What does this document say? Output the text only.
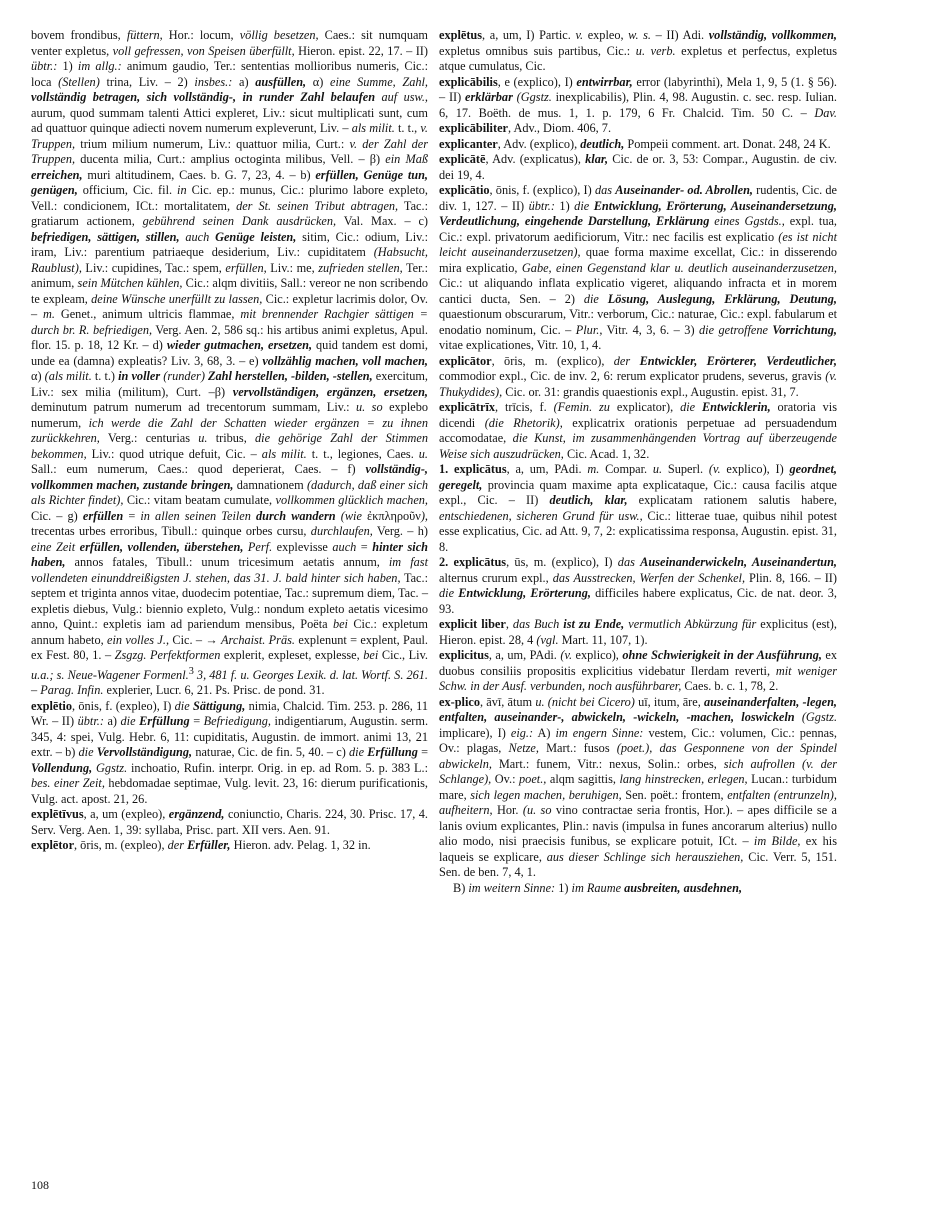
bovem frondibus, füttern, Hor.: locum, völlig besetzen, Caes.: sit numquam venter expletus, voll gefressen, von Speisen überfüllt, Hieron. epist. 22, 17. – II) übtr.: 1) im allg.: animum gaudio, Ter.: sententias mollioribus numeris, Cic.: loca (Stellen) trina, Liv. – 2) insbes.: a) ausfüllen, α) eine Summe, Zahl, vollständig betragen, sich vollständig-, in runder Zahl belaufen auf usw., aurum, quod summam talenti Attici expleret, Liv.: sicut multiplicati sunt, cum ad quattuor quinque adiecti novem numerum expleverunt, Liv. – als milit. t. t., v. Truppen, trium milium numerum, Liv.: quattuor milia, Curt.: v. der Zahl der Truppen, ducenta milia, Curt.: amplius octoginta milibus, Vell. – β) ein Maß erreichen, muri altitudinem, Caes. b. G. 7, 23, 4. – b) erfüllen, Genüge tun, genügen, officium, Cic. fil. in Cic. ep.: munus, Cic.: plurimo labore expleto, Vell.: condicionem, ICt.: mortalitatem, der St. seinen Tribut abtragen, Tac.: gratiarum actionem, gebührend seinen Dank ausdrücken, Val. Max. – c) befriedigen, sättigen, stillen, auch Genüge leisten, sitim, Cic.: odium, Liv.: iram, Liv.: parentium patriaeque desiderium, Liv.: cupiditatem (Habsucht, Raublust), Liv.: cupidines, Tac.: spem, erfüllen, Liv.: me, zufrieden stellen, Ter.: animum, sein Mütchen kühlen, Cic.: alqm divitiis, Sall.: vereor ne non scribendo te expleam, deine Wünsche unerfüllt zu lassen, Cic.: expletur lacrimis dolor, Ov. – m. Genet., animum ultricis flammae, mit brennender Rachgier sättigen = durch br. R. befriedigen, Verg. Aen. 2, 586 sq.: his artibus animi expletus, Apul. flor. 15. p. 18, 12 Kr. – d) wieder gutmachen, ersetzen, quid tandem est domi, unde ea (damna) expleatis? Liv. 3, 68, 3. – e) vollzählig machen, voll machen, α) (als milit. t. t.) in voller (runder) Zahl herstellen, -bilden, -stellen, exercitum, Liv.: sex milia (militum), Curt. –β) vervollständigen, ergänzen, ersetzen, deminutum patrum numerum ad trecentorum summam, Liv.: u. so explebo numerum, ich werde die Zahl der Schatten wieder ergänzen = zu ihnen zurückkehren, Verg.: centurias u. tribus, die gehörige Zahl der Stimmen bekommen, Liv.: quod utrique defuit, Cic. – als milit. t. t., legiones, Caes. u. Sall.: eum numerum, Caes.: quod deperierat, Caes. – f) vollständig-, vollkommen machen, zustande bringen, damnationem (dadurch, daß einer sich als Richter findet), Cic.: vitam beatam cumulate, vollkommen glücklich machen, Cic. – g) erfüllen = in allen seinen Teilen durch wandern (wie ἐκπληροῦν), trecentas urbes erroribus, Tibull.: quinque orbes cursu, durchlaufen, Verg. – h) eine Zeit erfüllen, vollenden, überstehen, Perf. explevisse auch = hinter sich haben, annos fatales, Tibull.: unum tricesimum aetatis annum, im fast vollendeten einunddreißigsten J. stehen, das 31. J. bald hinter sich haben, Tac.: septem et triginta annos vitae, duodecim potentiae, Tac.: supremum diem, Tac. – expletis diebus, Vulg.: biennio expleto, Vulg.: nondum expleto aetatis vicesimo anno, Quint.: expletis iam ad pariendum mensibus, Poëta bei Cic.: expletum annum habeto, ein volles J., Cic. – → Archaist. Präs. explenunt = explent, Paul. ex Fest. 80, 1. – Zsgzg. Perfektformen explerit, expleset, explesse, bei Cic., Liv. u.a.; s. Neue-Wagener Formenl.$^3$ 3, 481 f. u. Georges Lexik. d. lat. Wortf. S. 261. – Parag. Infin. explerier, Lucr. 6, 21. Ps. Prisc. de pond. 31.

explētio, ōnis, f. (expleo), I) die Sättigung, nimia, Chalcid. Tim. 253. p. 286, 11 Wr. – II) übtr.: a) die Erfüllung = Befriedigung, indigentiarum, Augustin. serm. 345, 4: spei, Vulg. Hebr. 6, 11: cupiditatis, Augustin. de immort. animi 13, 21 extr. – b) die Vervollständigung, naturae, Cic. de fin. 5, 40. – c) die Erfüllung = Vollendung, Ggstz. inchoatio, Rufin. interpr. Orig. in ep. ad Rom. 5. p. 383 L.: bes. einer Zeit, hebdomadae septimae, Vulg. levit. 23, 16: dierum purificationis, Vulg. act. apost. 21, 26.

explētīvus, a, um (expleo), ergänzend, coniunctio, Charis. 224, 30. Prisc. 17, 4. Serv. Verg. Aen. 1, 39: syllaba, Prisc. part. XII vers. Aen. 91.

explētor, ōris, m. (expleo), der Erfüller, Hieron. adv. Pelag. 1, 32 in.

explētus, a, um, I) Partic. v. expleo, w. s. – II) Adi. vollständig, vollkommen, expletus omnibus suis partibus, Cic.: u. verb. expletus et perfectus, expletus atque cumulatus, Cic.

explicābilis, e (explico), I) entwirrbar, error (labyrinthi), Mela 1, 9, 5 (1. § 56). – II) erklärbar (Ggstz. inexplicabilis), Plin. 4, 98. Augustin. c. sec. resp. Iulian. 6, 17. Boëth. de mus. 1, 1. p. 179, 6 Fr. Chalcid. Tim. 50 C. – Dav. explicābiliter, Adv., Diom. 406, 7.

explicanter, Adv. (explico), deutlich, Pompeii comment. art. Donat. 248, 24 K.

explicātē, Adv. (explicatus), klar, Cic. de or. 3, 53: Compar., Augustin. de civ. dei 19, 4.

explicātio, ōnis, f. (explico), I) das Auseinander- od. Abrollen, rudentis, Cic. de div. 1, 127. – II) übtr.: 1) die Entwicklung, Erörterung, Auseinandersetzung, Verdeutlichung, eingehende Darstellung, Erklärung eines Ggstds., expl. tua, Cic.: expl. privatorum aedificiorum, Vitr.: nec facilis est explicatio (es ist nicht leicht auseinanderzusetzen), quae forma maxime excellat, Cic.: in disserendo mira explicatio, Gabe, einen Gegenstand klar u. deutlich auseinanderzusetzen, Cic.: ut aliquando inflata explicatio vigeret, aliquando infracta et in morem cantici ducta, Sen. – 2) die Lösung, Auslegung, Erklärung, Deutung, quaestionum obscurarum, Vitr.: verborum, Cic.: naturae, Cic.: expl. fabularum et enodatio nominum, Cic. – Plur., Vitr. 4, 3, 6. – 3) die getroffene Vorrichtung, vitae explicationes, Vitr. 10, 1, 4.

explicātor, ōris, m. (explico), der Entwickler, Erörterer, Verdeutlicher, commodior expl., Cic. de inv. 2, 6: rerum explicator prudens, severus, gravis (v. Thukydides), Cic. or. 31: grandis quaestionis expl., Augustin. epist. 31, 7.

explicātrīx, trīcis, f. (Femin. zu explicator), die Entwicklerin, oratoria vis dicendi (die Rhetorik), explicatrix orationis perpetuae ad persuadendum accomodatae, die Kunst, im zusammenhängenden Vortrag auf überzeugende Weise sich auszudrücken, Cic. Acad. 1, 32.

1. explicātus, a, um, PAdi. m. Compar. u. Superl. (v. explico), I) geordnet, geregelt, provincia quam maxime apta explicataque, Cic.: causa facilis atque expl., Cic. – II) deutlich, klar, explicatam rationem salutis habere, entschiedenen, sicheren Grund für usw., Cic.: litterae tuae, quibus nihil potest esse explicatius, Cic. ad Att. 9, 7, 2: explicatissima responsa, Augustin. epist. 31, 8.

2. explicātus, ūs, m. (explico), I) das Auseinanderwickeln, Auseinandertun, alternus crurum expl., das Ausstrecken, Werfen der Schenkel, Plin. 8, 166. – II) die Entwicklung, Erörterung, difficiles habere explicatus, Cic. de nat. deor. 3, 93.

explicit liber, das Buch ist zu Ende, vermutlich Abkürzung für explicitus (est), Hieron. epist. 28, 4 (vgl. Mart. 11, 107, 1).

explicitus, a, um, PAdi. (v. explico), ohne Schwierigkeit in der Ausführung, ex duobus consiliis propositis explicitius videbatur Ilerdam reverti, mit weniger Schw. in der Ausf. verbunden, noch ausführbarer, Caes. b. c. 1, 78, 2.

ex-plico, āvī, ātum u. (nicht bei Cicero) uī, itum, āre, auseinanderfalten, -legen, entfalten, auseinander-, abwickeln, -wickeln, -machen, loswickeln (Ggstz. implicare), I) eig.: A) im engern Sinne: vestem, Cic.: volumen, Cic.: pennas, Ov.: plagas, Netze, Mart.: fusos (poet.), das Gesponnene von der Spindel abwickeln, Mart.: funem, Vitr.: nexus, Solin.: orbes, sich aufrollen (v. der Schlange), Ov.: poet., alqm sagittis, lang hinstrecken, erlegen, Lucan.: turbidum mare, sich legen machen, beruhigen, Sen. poët.: frontem, entfalten (entrunzeln), aufheitern, Hor. (u. so vino contractae seria frontis, Hor.). – apes difficile se a lanis ovium explicantes, Plin.: navis (impulsa in funes ancorarum alterius) nullo alio modo, nisi praecisis funibus, se explicare potuit, ICt. – im Bilde, ex his laqueis se explicare, aus dieser Schlinge sich herausziehen, Cic. Verr. 5, 151. Sen. de ben. 7, 4, 1.

B) im weitern Sinne: 1) im Raume ausbreiten, ausdehnen,

108
